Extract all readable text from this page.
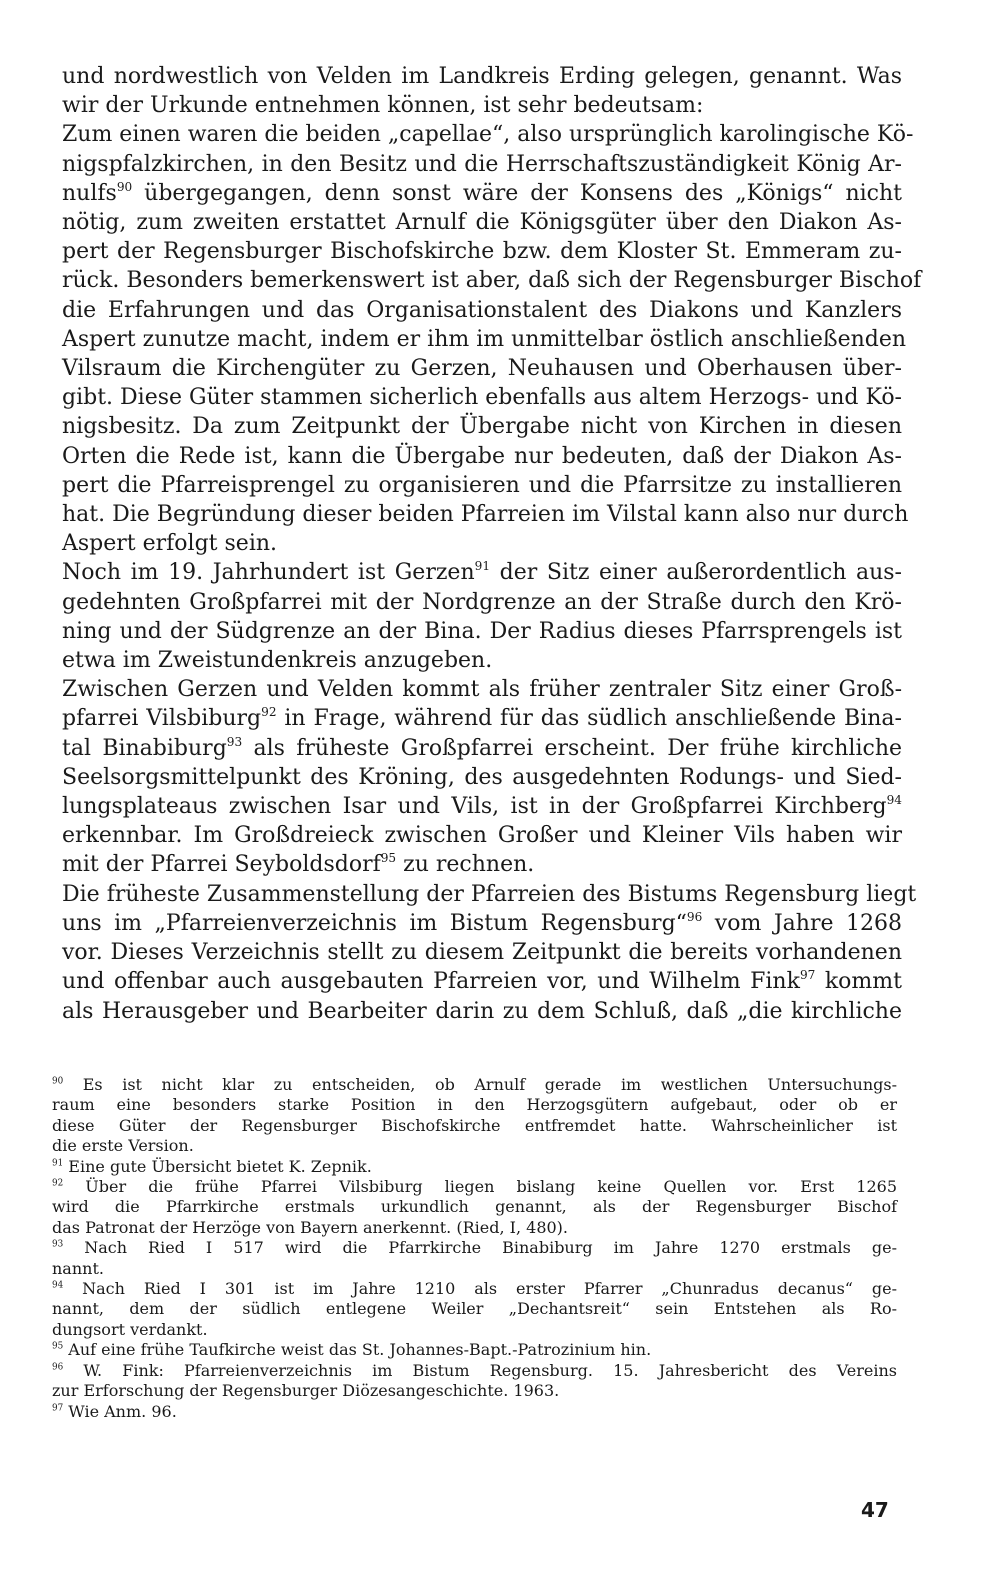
und nordwestlich von Velden im Landkreis Erding gelegen, genannt. Was
wir der Urkunde entnehmen können, ist sehr bedeutsam:
Zum einen waren die beiden „capellae“, also ursprünglich karolingische Kö-
nigspfalzkirchen, in den Besitz und die Herrschaftszuständigkeit König Ar-
nulfs$^{90}$ übergegangen, denn sonst wäre der Konsens des „Königs“ nicht
nötig, zum zweiten erstattet Arnulf die Königsgüter über den Diakon As-
pert der Regensburger Bischofskirche bzw. dem Kloster St. Emmeram zu-
rück. Besonders bemerkenswert ist aber, daß sich der Regensburger Bischof
die Erfahrungen und das Organisationstalent des Diakons und Kanzlers
Aspert zunutze macht, indem er ihm im unmittelbar östlich anschließenden
Vilsraum die Kirchengüter zu Gerzen, Neuhausen und Oberhausen über-
gibt. Diese Güter stammen sicherlich ebenfalls aus altem Herzogs- und Kö-
nigsbesitz. Da zum Zeitpunkt der Übergabe nicht von Kirchen in diesen
Orten die Rede ist, kann die Übergabe nur bedeuten, daß der Diakon As-
pert die Pfarreisprengel zu organisieren und die Pfarrsitze zu installieren
hat. Die Begründung dieser beiden Pfarreien im Vilstal kann also nur durch
Aspert erfolgt sein.
Noch im 19. Jahrhundert ist Gerzen$^{91}$ der Sitz einer außerordentlich aus-
gedehnten Großpfarrei mit der Nordgrenze an der Straße durch den Krö-
ning und der Südgrenze an der Bina. Der Radius dieses Pfarrsprengels ist
etwa im Zweistundenkreis anzugeben.
Zwischen Gerzen und Velden kommt als früher zentraler Sitz einer Groß-
pfarrei Vilsbiburg$^{92}$ in Frage, während für das südlich anschließende Bina-
tal Binabiburg$^{93}$ als früheste Großpfarrei erscheint. Der frühe kirchliche
Seelsorgsmittelpunkt des Kröning, des ausgedehnten Rodungs- und Sied-
lungsplateaus zwischen Isar und Vils, ist in der Großpfarrei Kirchberg$^{94}$
erkennbar. Im Großdreieck zwischen Großer und Kleiner Vils haben wir
mit der Pfarrei Seyboldsdorf$^{95}$ zu rechnen.
Die früheste Zusammenstellung der Pfarreien des Bistums Regensburg liegt
uns im „Pfarreienverzeichnis im Bistum Regensburg“$^{96}$ vom Jahre 1268
vor. Dieses Verzeichnis stellt zu diesem Zeitpunkt die bereits vorhandenen
und offenbar auch ausgebauten Pfarreien vor, und Wilhelm Fink$^{97}$ kommt
als Herausgeber und Bearbeiter darin zu dem Schluß, daß „die kirchliche
$^{90}$ Es ist nicht klar zu entscheiden, ob Arnulf gerade im westlichen Untersuchungs-
raum eine besonders starke Position in den Herzogsgütern aufgebaut, oder ob er
diese Güter der Regensburger Bischofskirche entfremdet hatte. Wahrscheinlicher ist
die erste Version.
$^{91}$ Eine gute Übersicht bietet K. Zepnik.
$^{92}$ Über die frühe Pfarrei Vilsbiburg liegen bislang keine Quellen vor. Erst 1265
wird die Pfarrkirche erstmals urkundlich genannt, als der Regensburger Bischof
das Patronat der Herzöge von Bayern anerkennt. (Ried, I, 480).
$^{93}$ Nach Ried I 517 wird die Pfarrkirche Binabiburg im Jahre 1270 erstmals ge-
nannt.
$^{94}$ Nach Ried I 301 ist im Jahre 1210 als erster Pfarrer „Chunradus decanus“ ge-
nannt, dem der südlich entlegene Weiler „Dechantsreit“ sein Entstehen als Ro-
dungsort verdankt.
$^{95}$ Auf eine frühe Taufkirche weist das St. Johannes-Bapt.-Patrozinium hin.
$^{96}$ W. Fink: Pfarreienverzeichnis im Bistum Regensburg. 15. Jahresbericht des Vereins
zur Erforschung der Regensburger Diözesangeschichte. 1963.
$^{97}$ Wie Anm. 96.
47
